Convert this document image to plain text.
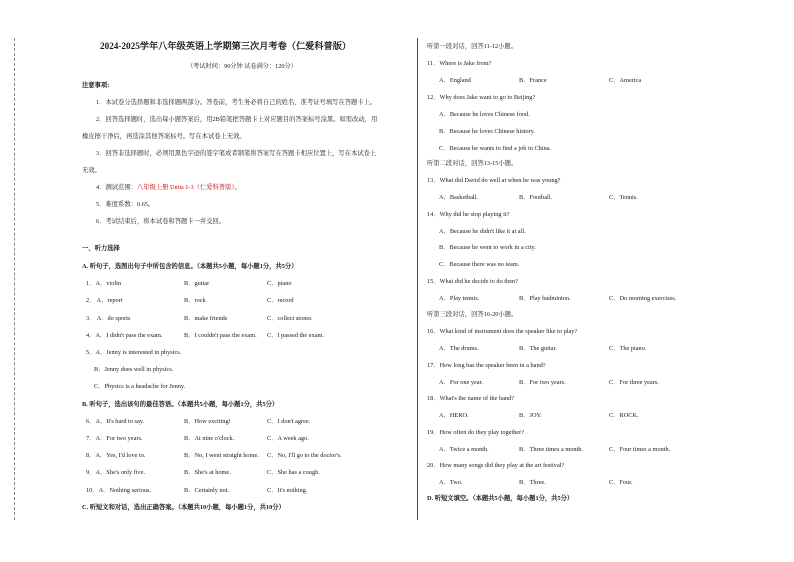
2024-2025学年八年级英语上学期第三次月考卷（仁爱科普版）
（考试时间：90分钟 试卷满分：120分）
注意事项:
1．本试卷分选择题和非选择题两部分。答卷前，考生务必将自己的姓名、准考证号填写在答题卡上。
2．回答选择题时，选出每小题答案后，用2B铅笔把答题卡上对应题目的答案标号涂黑。如需改动，用
橡皮擦干净后，再选涂其他答案标号。写在本试卷上无效。
3．回答非选择题时，必须用黑色字迹的签字笔或者钢笔将答案写在答题卡相应位置上，写在本试卷上
无效。
4．测试范围：八年级上册 Units 1-3（仁爱科普版）。
5．难度系数：0.65。
6．考试结束后，将本试卷和答题卡一并交回。
一、听力选择
A. 听句子，选图出句子中所包含的信息。（本题共5小题，每小题1分，共5分）
1．A．violin	B．guitar	C．piano
2． A．report	B．rock	C．record
3． A．do sports	B．make friends	C．collect stones
4．A．I didn't pass the exam.	B．I couldn't pass the exam. C．I passed the exam.
5．A．Jenny is interested in physics.
B．Jenny does well in physics.
C．Physics is a headache for Jenny.
B. 听句子，选出该句的最佳答语。（本题共5小题，每小题1分，共5分）
6．A．It's hard to say.	B．How exciting!	C．I don't agree.
7．A．For two years.	B．At nine o'clock.	C．A week ago.
8．A．Yes, I'd love to.	B．No, I went straight home. C．No, I'll go to the doctor's.
9．A．She's only five.	B．She's at home.	C．She has a cough.
10．A．Nothing serious.	B．Certainly not.	C．It's nothing.
C. 听短文和对话，选出正确答案。（本题共10小题，每小题1分，共10分）
听第一段对话，回答11-12小题。
11．Where is Jake from?
A．England	B．France	C．America
12．Why does Jake want to go to Beijing?
A．Because he loves Chinese food.
B．Because he loves Chinese history.
C．Because he wants to find a job in China.
听第二段对话，回答13-15小题。
13．What did David do well at when he was young?
A．Basketball.	B．Football.	C．Tennis.
14．Why did he stop playing it?
A．Because he didn't like it at all.
B．Because he went to work in a city.
C．Because there was no team.
15．What did he decide to do then?
A．Play tennis.	B．Play badminton.	C．Do morning exercises.
听第三段对话，回答16-20小题。
16．What kind of instrument does the speaker like to play?
A．The drums.	B．The guitar.	C．The piano.
17．How long has the speaker been in a band?
A．For one year.	B．For two years.	C．For three years.
18．What's the name of the band?
A．HERO.	B．JOY.	C．ROCK.
19．How often do they play together?
A．Twice a month.	B．Three times a month.	C．Four times a month.
20．How many songs did they play at the art festival?
A．Two.	B．Three.	C．Four.
D. 听短文填空。（本题共5小题，每小题1分，共5分）
